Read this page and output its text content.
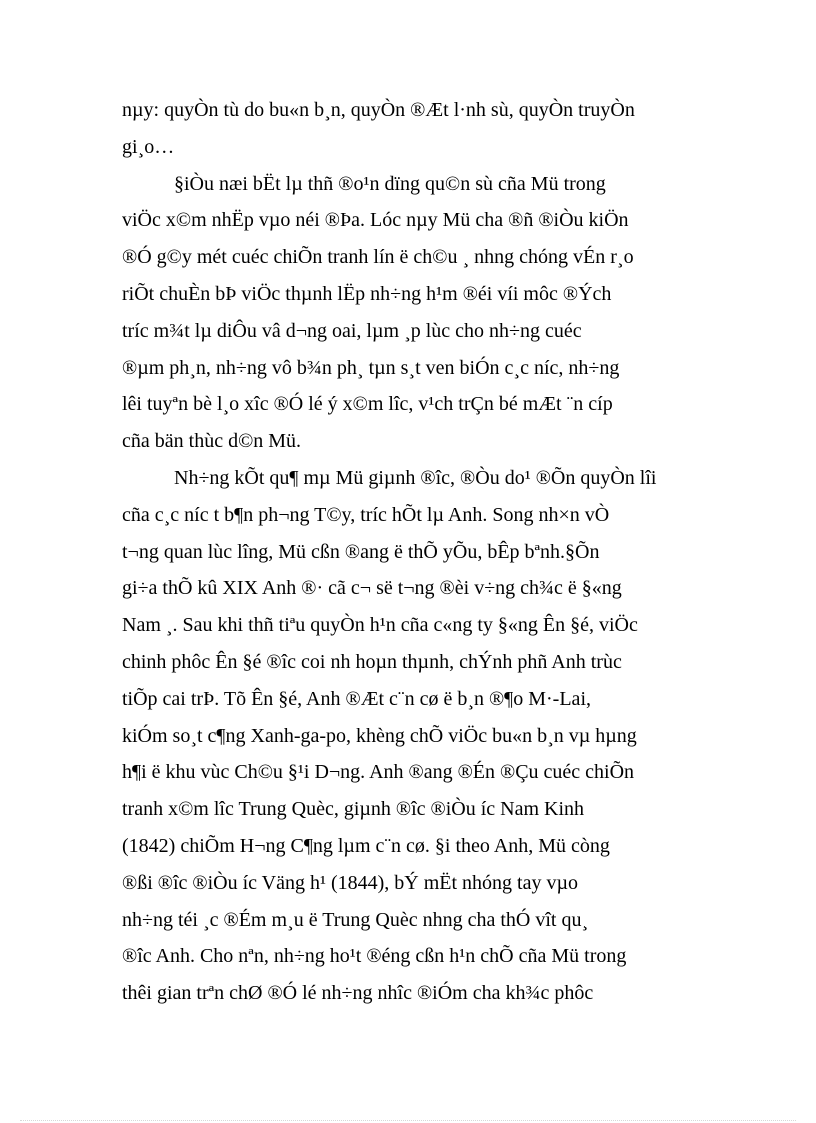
nµy: quyÒn tù do bu«n b¸n, quyÒn ®Æt l·nh sù, quyÒn truyÒn
gi¸o…
§iÒu næi bËt lµ thñ ®o¹n dïng qu©n sù cña Mü trong
viÖc x©m nhËp vµo néi ®Þa. Lóc nµy Mü cha ®ñ ®iÒu kiÖn
®Ó g©y mét cuéc chiÕn tranh lín ë ch©u ¸ nhng chóng vÉn r¸o
riÕt chuÈn bÞ viÖc thµnh lËp nh÷ng h¹m ®éi víi môc ®Ých
tríc m¾t lµ diÔu vâ d¬ng oai, lµm ¸p lùc cho nh÷ng cuéc
®µm ph¸n, nh÷ng vô b¾n ph¸ tµn s¸t ven biÓn c¸c níc, nh÷ng
lêi tuyªn bè l¸o xîc ®Ó lé ý x©m lîc, v¹ch trÇn bé mÆt ¨n cíp
cña bän thùc d©n Mü.
Nh÷ng kÕt qu¶ mµ Mü giµnh ®îc, ®Òu do¹ ®Õn quyÒn lîi
cña c¸c níc t b¶n ph¬ng T©y, tríc hÕt lµ Anh. Song nh×n vÒ
t¬ng quan lùc lîng, Mü cßn ®ang ë thÕ yÕu, bÊp bªnh.§Õn
gi÷a thÕ kû XIX Anh ®· cã c¬ së t¬ng ®èi v÷ng ch¾c ë §«ng
Nam ¸. Sau khi thñ tiªu quyÒn h¹n cña c«ng ty §«ng Ên §é, viÖc
chinh phôc Ên §é ®îc coi nh hoµn thµnh, chÝnh phñ Anh trùc
tiÕp cai trÞ. Tõ Ên §é, Anh ®Æt c¨n cø ë b¸n ®¶o M·-Lai,
kiÓm so¸t c¶ng Xanh-ga-po, khèng chÕ viÖc bu«n b¸n vµ hµng
h¶i ë khu vùc Ch©u §¹i D¬ng. Anh ®ang ®Én ®Çu cuéc chiÕn
tranh x©m lîc Trung Quèc, giµnh ®îc ®iÒu íc Nam Kinh
(1842) chiÕm H¬ng C¶ng lµm c¨n cø. §i theo Anh, Mü còng
®ßi ®îc ®iÒu íc Väng h¹ (1844), bÝ mËt nhóng tay vµo
nh÷ng téi ¸c ®Ém m¸u ë Trung Quèc nhng cha thÓ vît qu¸
®îc Anh. Cho nªn, nh÷ng ho¹t ®éng cßn h¹n chÕ cña Mü trong
thêi gian trªn chØ ®Ó lé nh÷ng nhîc ®iÓm cha kh¾c phôc
